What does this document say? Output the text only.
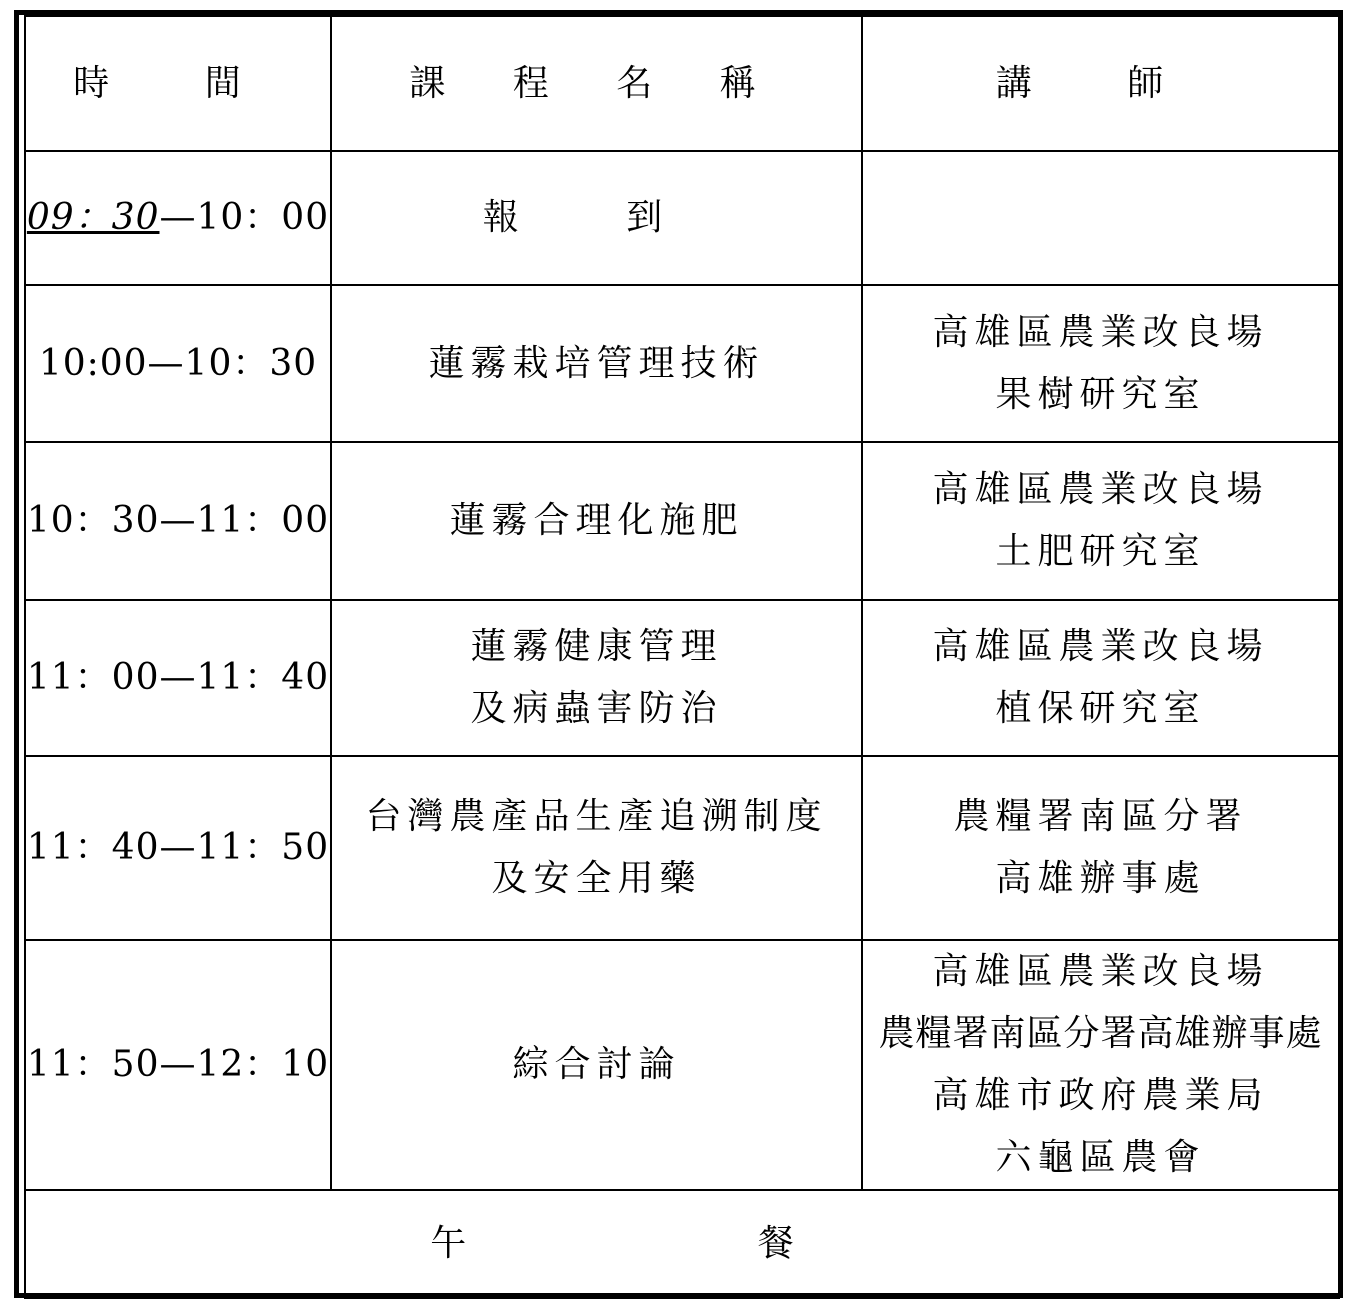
時 間	課 程 名 稱	講 師
09：30—10：00	報 到	
10:00—10：30	蓮霧栽培管理技術	高雄區農業改良場
果樹研究室

10：30—11：00	蓮霧合理化施肥	高雄區農業改良場
土肥研究室

11：00—11：40	蓮霧健康管理
及病蟲害防治	高雄區農業改良場
植保研究室

11：40—11：50	台灣農產品生產追溯制度
及安全用藥	農糧署南區分署
高雄辦事處

11：50—12：10	綜合討論	高雄區農業改良場
農糧署南區分署高雄辦事處
高雄市政府農業局
六龜區農會

午 餐		
